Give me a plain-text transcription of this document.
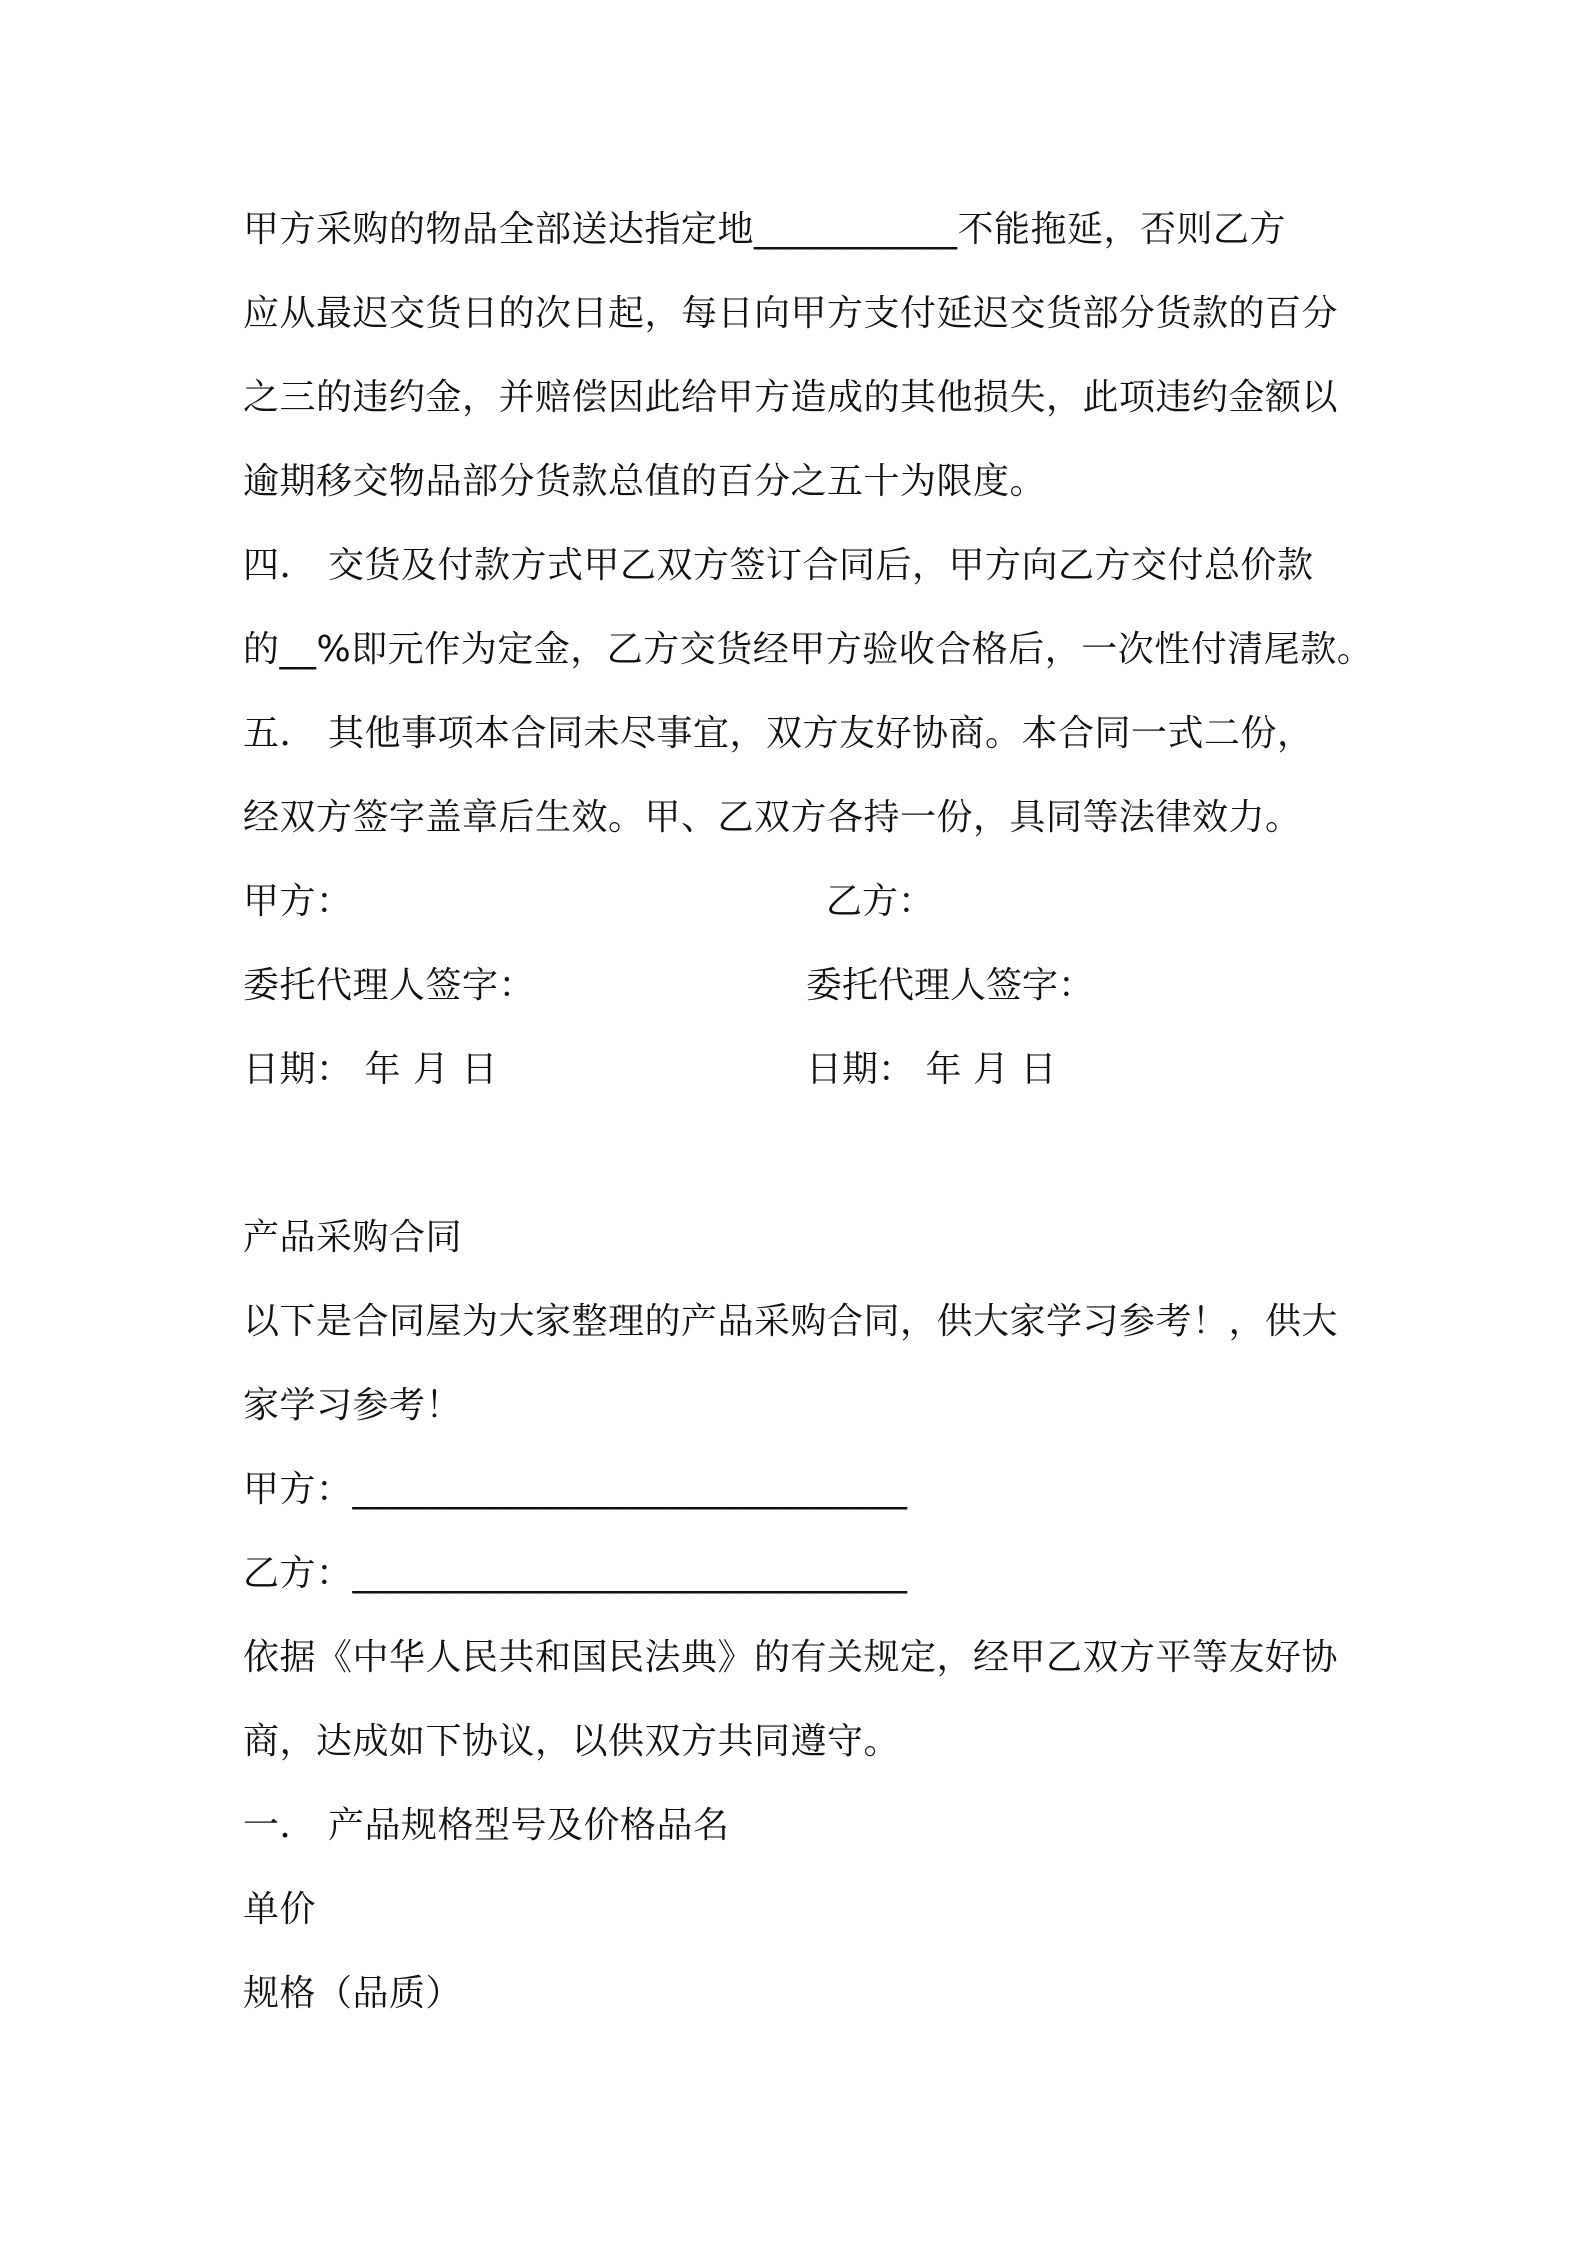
甲方采购的物品全部送达指定地___________不能拖延，否则乙方
应从最迟交货日的次日起，每日向甲方支付延迟交货部分货款的百分
之三的违约金，并赔偿因此给甲方造成的其他损失，此项违约金额以
逾期移交物品部分货款总值的百分之五十为限度。
四． 交货及付款方式甲乙双方签订合同后，甲方向乙方交付总价款
的__%即元作为定金，乙方交货经甲方验收合格后，一次性付清尾款。
五． 其他事项本合同未尽事宜，双方友好协商。本合同一式二份，
经双方签字盖章后生效。甲、乙双方各持一份，具同等法律效力。
甲方：	乙方：
委托代理人签字：	委托代理人签字：
日期： 年 月 日	日期： 年 月 日
产品采购合同
以下是合同屋为大家整理的产品采购合同，供大家学习参考！，供大
家学习参考！
甲方：______________________________
乙方：______________________________
依据《中华人民共和国民法典》的有关规定，经甲乙双方平等友好协
商，达成如下协议，以供双方共同遵守。
一． 产品规格型号及价格品名
单价
规格（品质）
